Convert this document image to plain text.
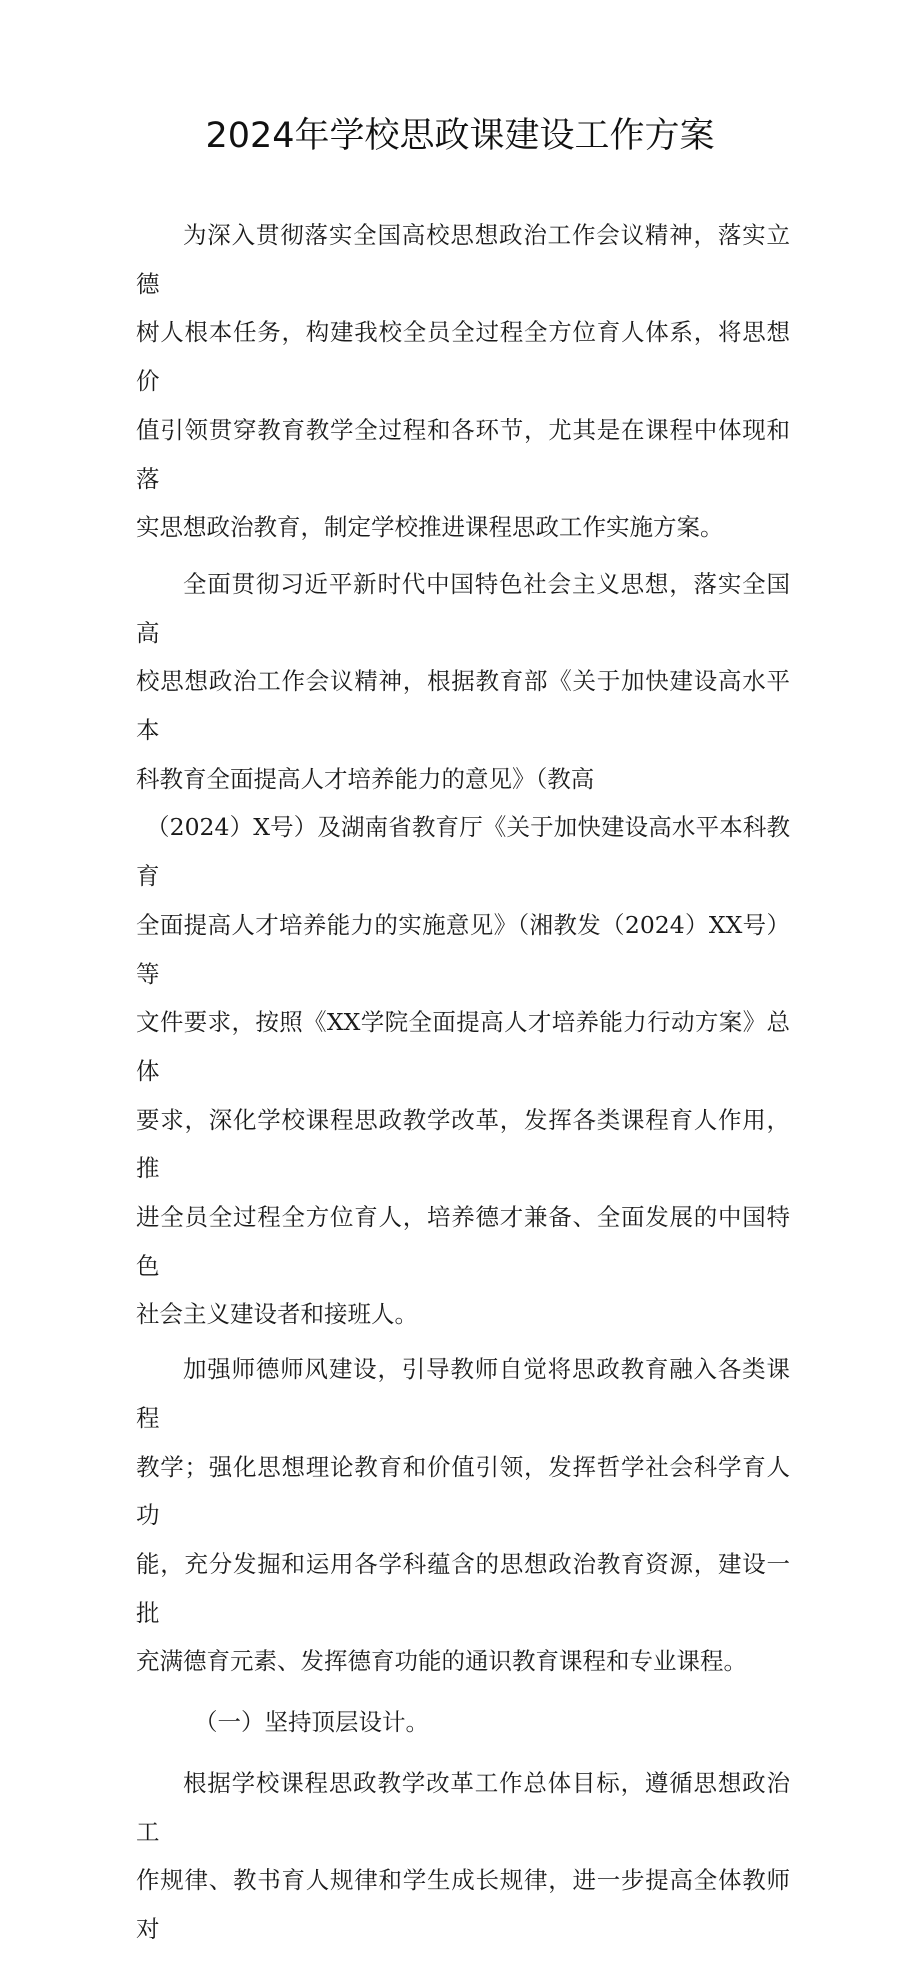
2024年学校思政课建设工作方案

为深入贯彻落实全国高校思想政治工作会议精神，落实立德
树人根本任务，构建我校全员全过程全方位育人体系，将思想价
值引领贯穿教育教学全过程和各环节，尤其是在课程中体现和落
实思想政治教育，制定学校推进课程思政工作实施方案。

全面贯彻习近平新时代中国特色社会主义思想，落实全国高
校思想政治工作会议精神，根据教育部《关于加快建设高水平本
科教育全面提高人才培养能力的意见》（教高
（2024）X号）及湖南省教育厅《关于加快建设高水平本科教育
全面提高人才培养能力的实施意见》（湘教发（2024）XX号）等
文件要求，按照《XX学院全面提高人才培养能力行动方案》总体
要求，深化学校课程思政教学改革，发挥各类课程育人作用，推
进全员全过程全方位育人，培养德才兼备、全面发展的中国特色
社会主义建设者和接班人。

加强师德师风建设，引导教师自觉将思政教育融入各类课程
教学；强化思想理论教育和价值引领，发挥哲学社会科学育人功
能，充分发掘和运用各学科蕴含的思想政治教育资源，建设一批
充满德育元素、发挥德育功能的通识教育课程和专业课程。

（一）坚持顶层设计。

根据学校课程思政教学改革工作总体目标，遵循思想政治工
作规律、教书育人规律和学生成长规律，进一步提高全体教师对
